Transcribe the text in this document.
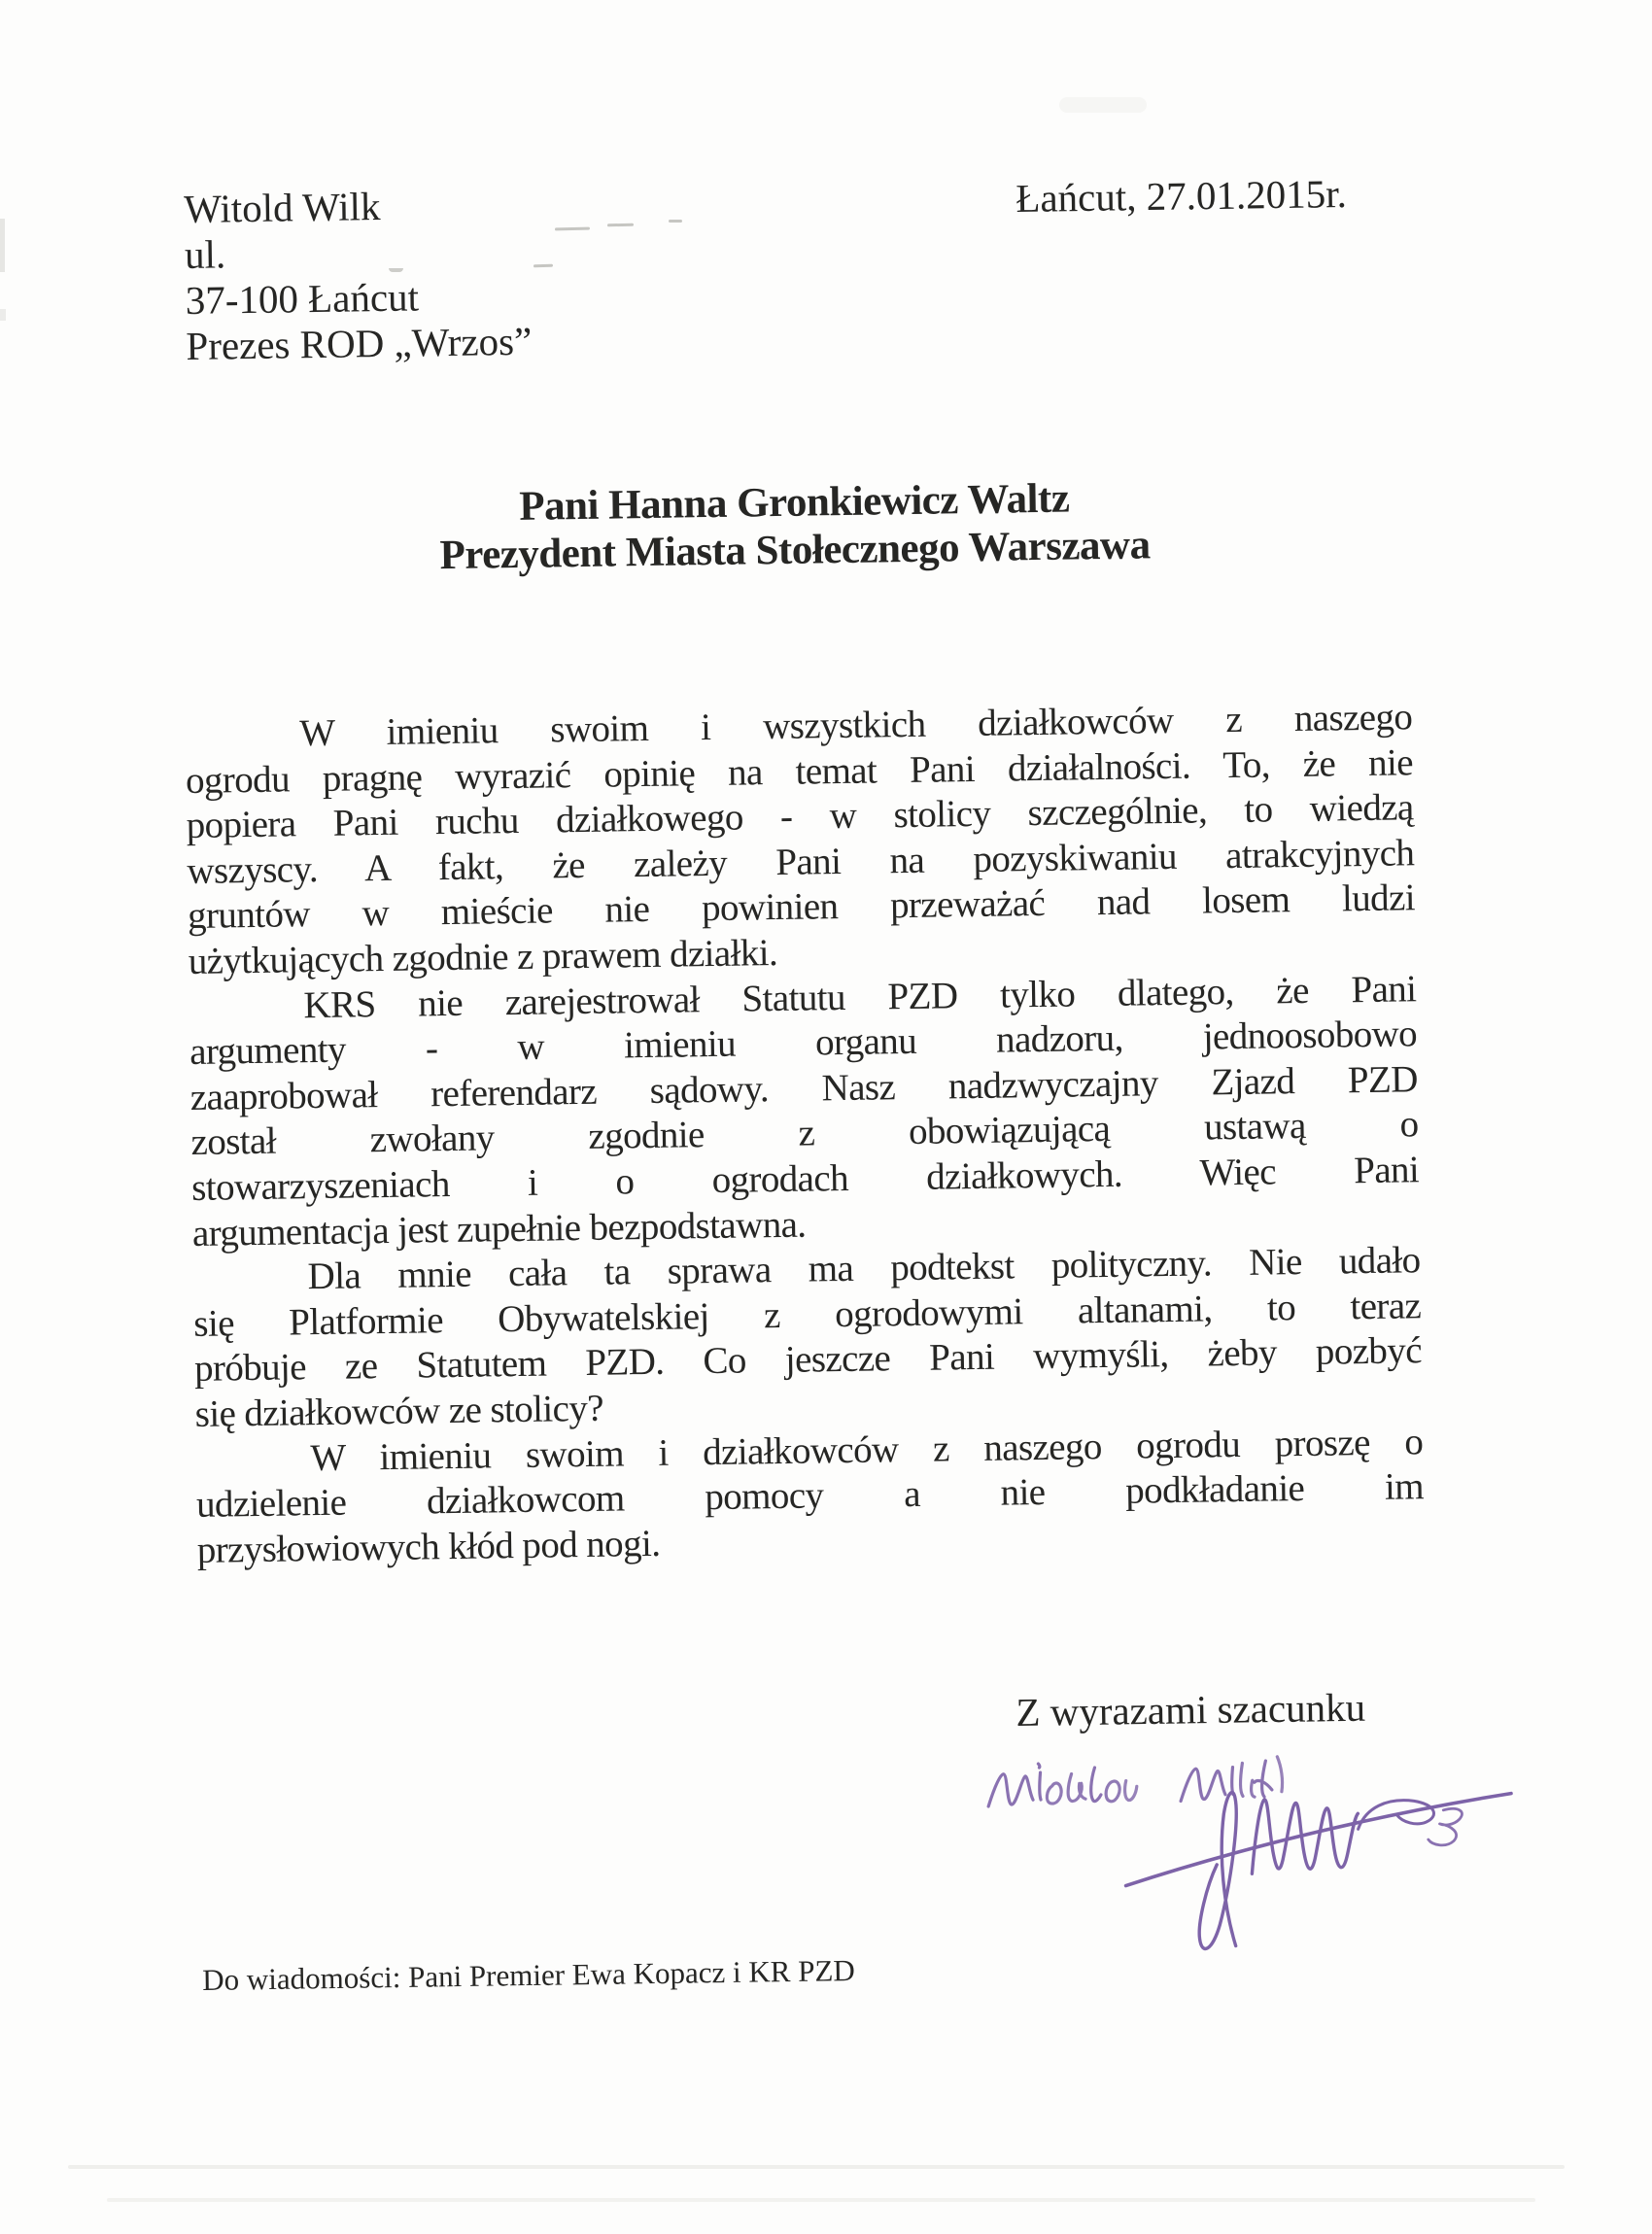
Witold Wilk
ul.
37-100 Łańcut
Prezes ROD „Wrzos”
Łańcut, 27.01.2015r.
Pani Hanna Gronkiewicz Waltz
Prezydent Miasta Stołecznego Warszawa
W imieniu swoim i wszystkich działkowców z naszego
ogrodu pragnę wyrazić opinię na temat Pani działalności. To, że nie
popiera Pani ruchu działkowego - w stolicy szczególnie, to wiedzą
wszyscy. A fakt, że zależy Pani na pozyskiwaniu atrakcyjnych
gruntów w mieście nie powinien przeważać nad losem ludzi
użytkujących zgodnie z prawem działki.
KRS nie zarejestrował Statutu PZD tylko dlatego, że Pani
argumenty - w imieniu organu nadzoru, jednoosobowo
zaaprobował referendarz sądowy. Nasz nadzwyczajny Zjazd PZD
został zwołany zgodnie z obowiązującą ustawą o
stowarzyszeniach i o ogrodach działkowych. Więc Pani
argumentacja jest zupełnie bezpodstawna.
Dla mnie cała ta sprawa ma podtekst polityczny. Nie udało
się Platformie Obywatelskiej z ogrodowymi altanami, to teraz
próbuje ze Statutem PZD. Co jeszcze Pani wymyśli, żeby pozbyć
się działkowców ze stolicy?
W imieniu swoim i działkowców z naszego ogrodu proszę o
udzielenie działkowcom pomocy a nie podkładanie im
przysłowiowych kłód pod nogi.
Z wyrazami szacunku
Do wiadomości: Pani Premier Ewa Kopacz i KR PZD
